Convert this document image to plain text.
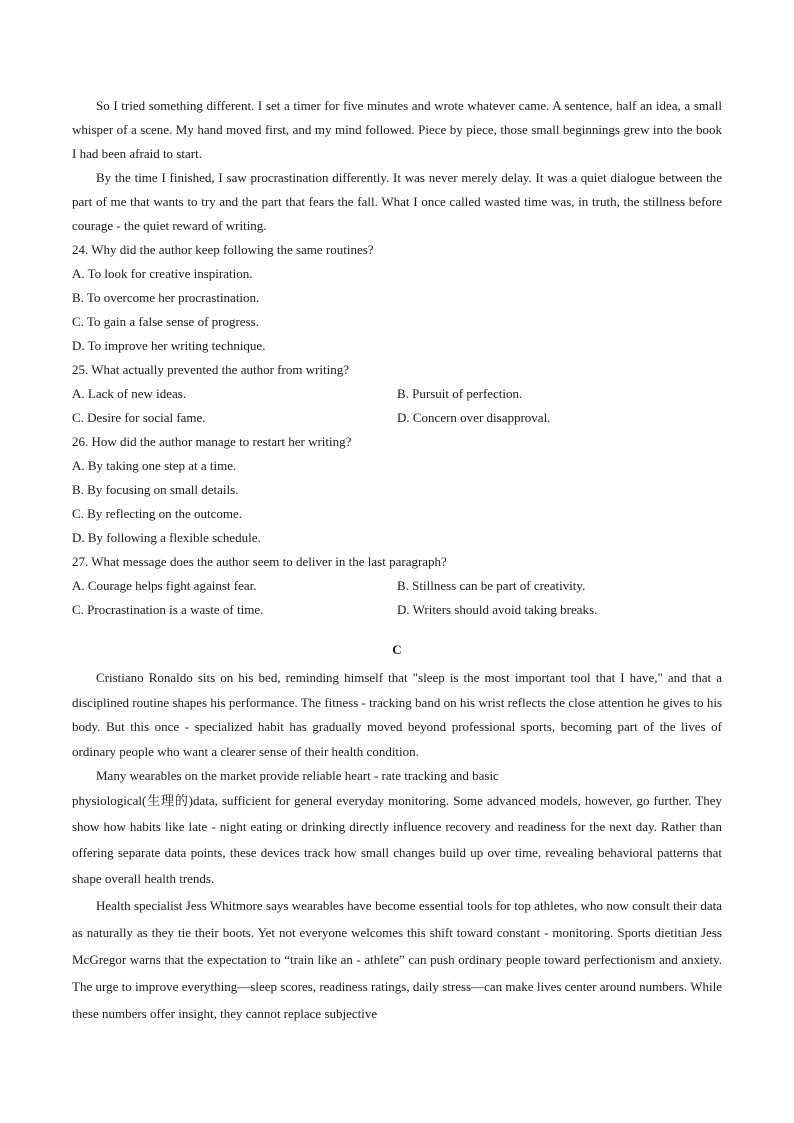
So I tried something different. I set a timer for five minutes and wrote whatever came. A sentence, half an idea, a small whisper of a scene. My hand moved first, and my mind followed. Piece by piece, those small beginnings grew into the book I had been afraid to start.

By the time I finished, I saw procrastination differently. It was never merely delay. It was a quiet dialogue between the part of me that wants to try and the part that fears the fall. What I once called wasted time was, in truth, the stillness before courage - the quiet reward of writing.

24. Why did the author keep following the same routines?

A. To look for creative inspiration.

B. To overcome her procrastination.

C. To gain a false sense of progress.

D. To improve her writing technique.

25. What actually prevented the author from writing?

A. Lack of new ideas.	B. Pursuit of perfection.
C. Desire for social fame.	D. Concern over disapproval.

26. How did the author manage to restart her writing?

A. By taking one step at a time.

B. By focusing on small details.

C. By reflecting on the outcome.

D. By following a flexible schedule.

27. What message does the author seem to deliver in the last paragraph?

A. Courage helps fight against fear.	B. Stillness can be part of creativity.
C. Procrastination is a waste of time.	D. Writers should avoid taking breaks.

C

Cristiano Ronaldo sits on his bed, reminding himself that "sleep is the most important tool that I have," and that a disciplined routine shapes his performance. The fitness - tracking band on his wrist reflects the close attention he gives to his body. But this once - specialized habit has gradually moved beyond professional sports, becoming part of the lives of ordinary people who want a clearer sense of their health condition.

Many wearables on the market provide reliable heart - rate tracking and basic

physiological(生理的)data, sufficient for general everyday monitoring. Some advanced models, however, go further. They show how habits like late - night eating or drinking directly influence recovery and readiness for the next day. Rather than offering separate data points, these devices track how small changes build up over time, revealing behavioral patterns that shape overall health trends.

Health specialist Jess Whitmore says wearables have become essential tools for top athletes, who now consult their data as naturally as they tie their boots. Yet not everyone welcomes this shift toward constant - monitoring. Sports dietitian Jess McGregor warns that the expectation to “train like an - athlete” can push ordinary people toward perfectionism and anxiety. The urge to improve everything—sleep scores, readiness ratings, daily stress—can make lives center around numbers. While these numbers offer insight, they cannot replace subjective
